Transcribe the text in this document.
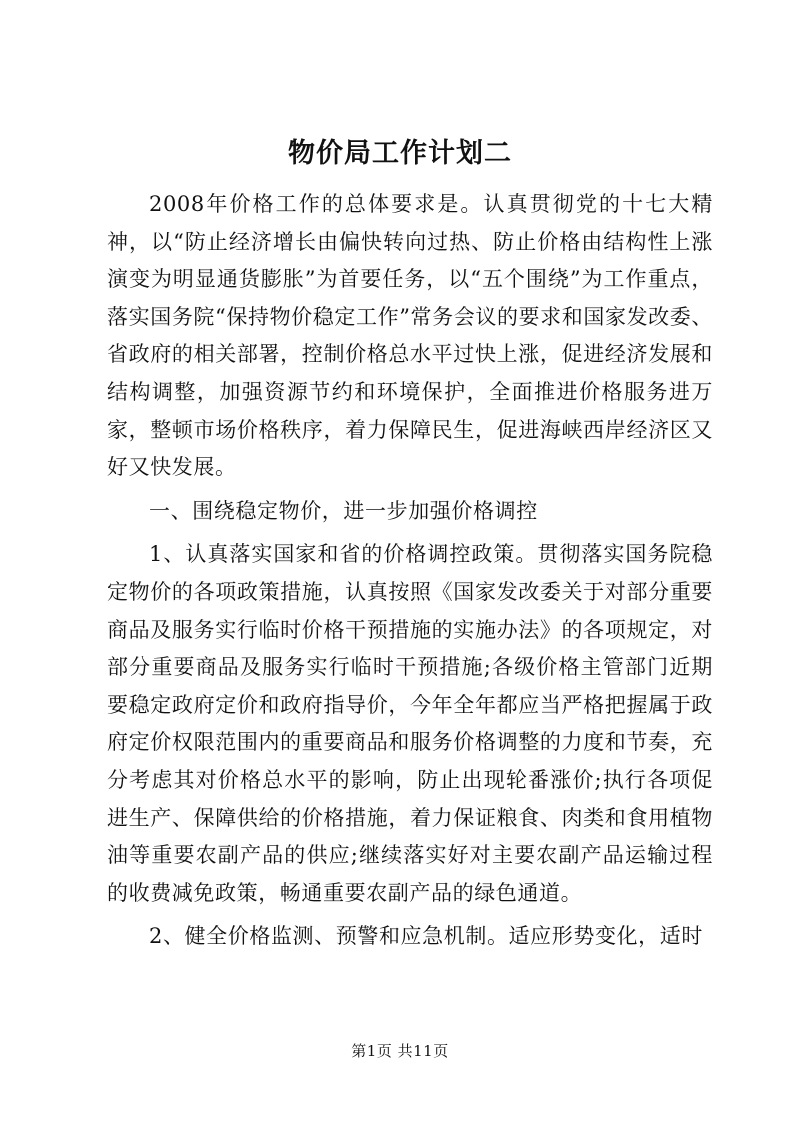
物价局工作计划二

2008年价格工作的总体要求是。认真贯彻党的十七大精神，以“防止经济增长由偏快转向过热、防止价格由结构性上涨演变为明显通货膨胀”为首要任务，以“五个围绕”为工作重点，落实国务院“保持物价稳定工作”常务会议的要求和国家发改委、省政府的相关部署，控制价格总水平过快上涨，促进经济发展和结构调整，加强资源节约和环境保护，全面推进价格服务进万家，整顿市场价格秩序，着力保障民生，促进海峡西岸经济区又好又快发展。

一、围绕稳定物价，进一步加强价格调控

1、认真落实国家和省的价格调控政策。贯彻落实国务院稳定物价的各项政策措施，认真按照《国家发改委关于对部分重要商品及服务实行临时价格干预措施的实施办法》的各项规定，对部分重要商品及服务实行临时干预措施;各级价格主管部门近期要稳定政府定价和政府指导价，今年全年都应当严格把握属于政府定价权限范围内的重要商品和服务价格调整的力度和节奏，充分考虑其对价格总水平的影响，防止出现轮番涨价;执行各项促进生产、保障供给的价格措施，着力保证粮食、肉类和食用植物油等重要农副产品的供应;继续落实好对主要农副产品运输过程的收费减免政策，畅通重要农副产品的绿色通道。

2、健全价格监测、预警和应急机制。适应形势变化，适时

第1页 共11页
